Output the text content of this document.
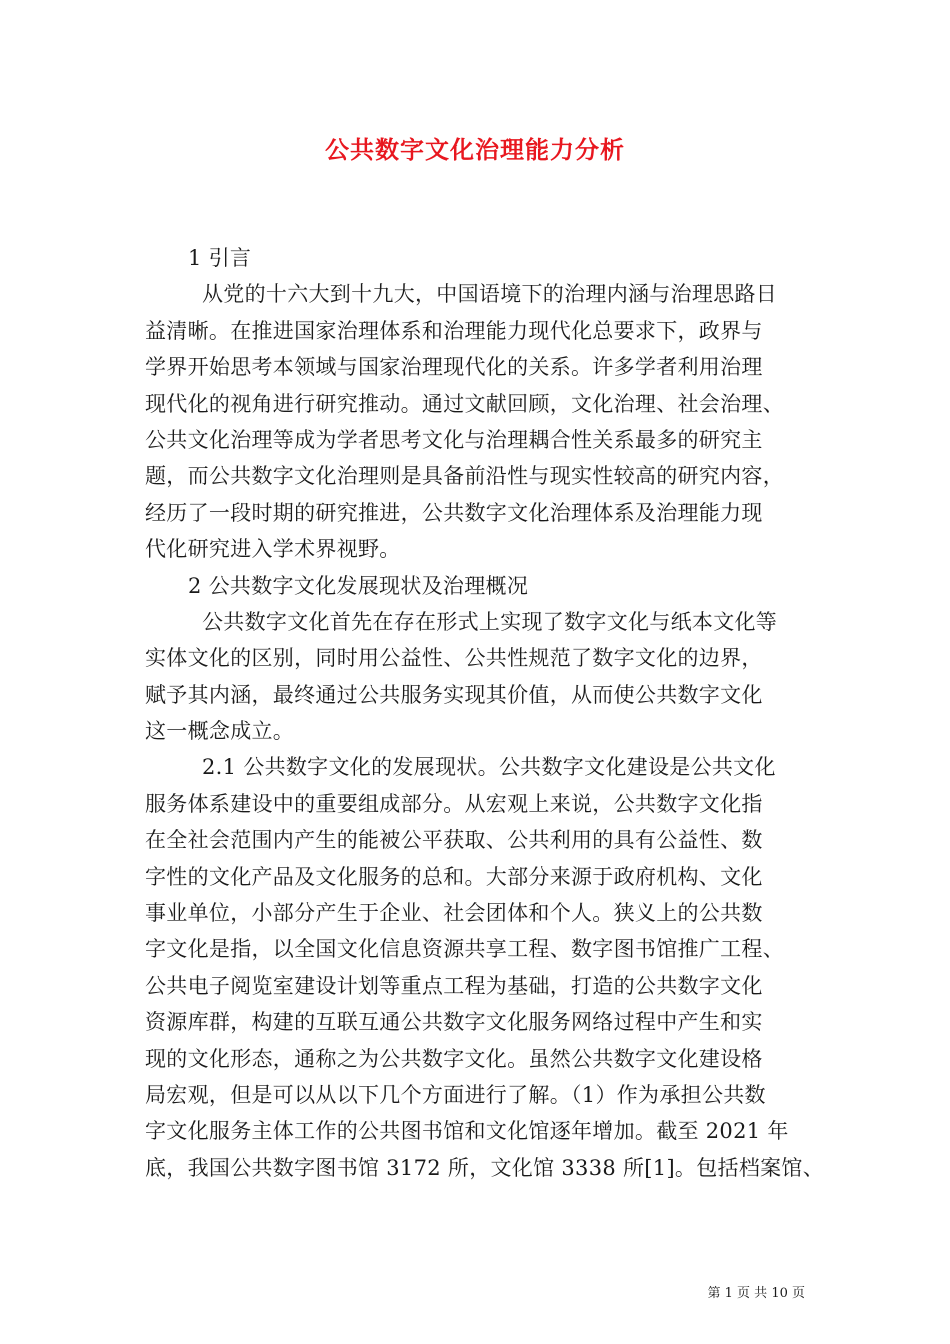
公共数字文化治理能力分析
1 引言
从党的十六大到十九大，中国语境下的治理内涵与治理思路日
益清晰。在推进国家治理体系和治理能力现代化总要求下，政界与
学界开始思考本领域与国家治理现代化的关系。许多学者利用治理
现代化的视角进行研究推动。通过文献回顾，文化治理、社会治理、
公共文化治理等成为学者思考文化与治理耦合性关系最多的研究主
题，而公共数字文化治理则是具备前沿性与现实性较高的研究内容，
经历了一段时期的研究推进，公共数字文化治理体系及治理能力现
代化研究进入学术界视野。
2 公共数字文化发展现状及治理概况
公共数字文化首先在存在形式上实现了数字文化与纸本文化等
实体文化的区别，同时用公益性、公共性规范了数字文化的边界，
赋予其内涵，最终通过公共服务实现其价值，从而使公共数字文化
这一概念成立。
2.1 公共数字文化的发展现状。公共数字文化建设是公共文化
服务体系建设中的重要组成部分。从宏观上来说，公共数字文化指
在全社会范围内产生的能被公平获取、公共利用的具有公益性、数
字性的文化产品及文化服务的总和。大部分来源于政府机构、文化
事业单位，小部分产生于企业、社会团体和个人。狭义上的公共数
字文化是指，以全国文化信息资源共享工程、数字图书馆推广工程、
公共电子阅览室建设计划等重点工程为基础，打造的公共数字文化
资源库群，构建的互联互通公共数字文化服务网络过程中产生和实
现的文化形态，通称之为公共数字文化。虽然公共数字文化建设格
局宏观，但是可以从以下几个方面进行了解。（1）作为承担公共数
字文化服务主体工作的公共图书馆和文化馆逐年增加。截至 2021 年
底，我国公共数字图书馆 3172 所，文化馆 3338 所[1]。包括档案馆、
第 1 页 共 10 页
